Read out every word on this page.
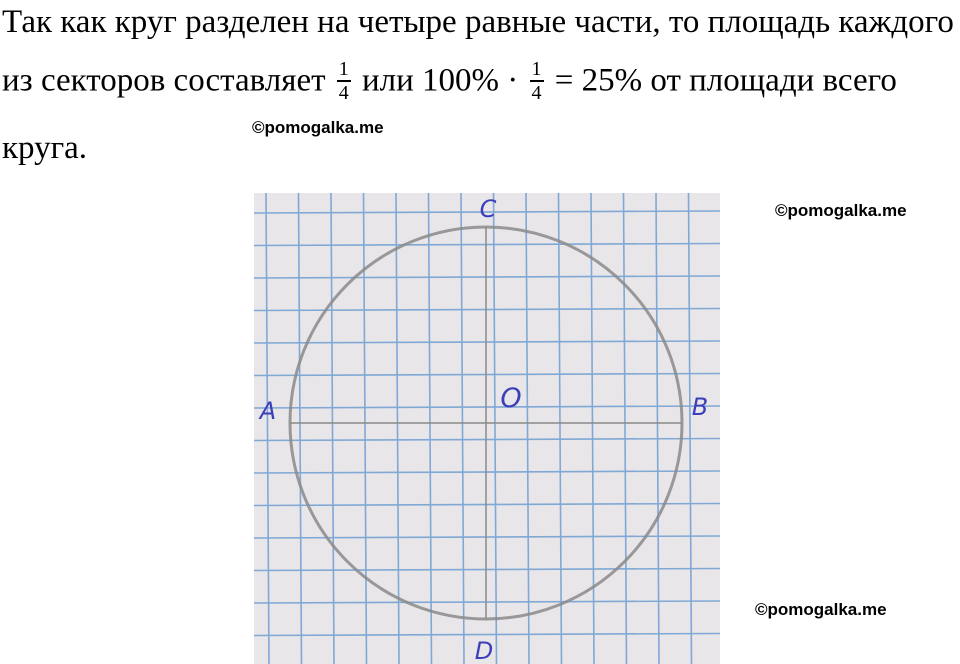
Так как круг разделен на четыре равные части, то площадь каждого
из секторов составляет $\frac{1}{4}$ или $100\% \cdot \frac{1}{4} = 25\%$ от площади всего
круга.
©pomogalka.me
©pomogalka.me
©pomogalka.me
C
D
A	B
O
